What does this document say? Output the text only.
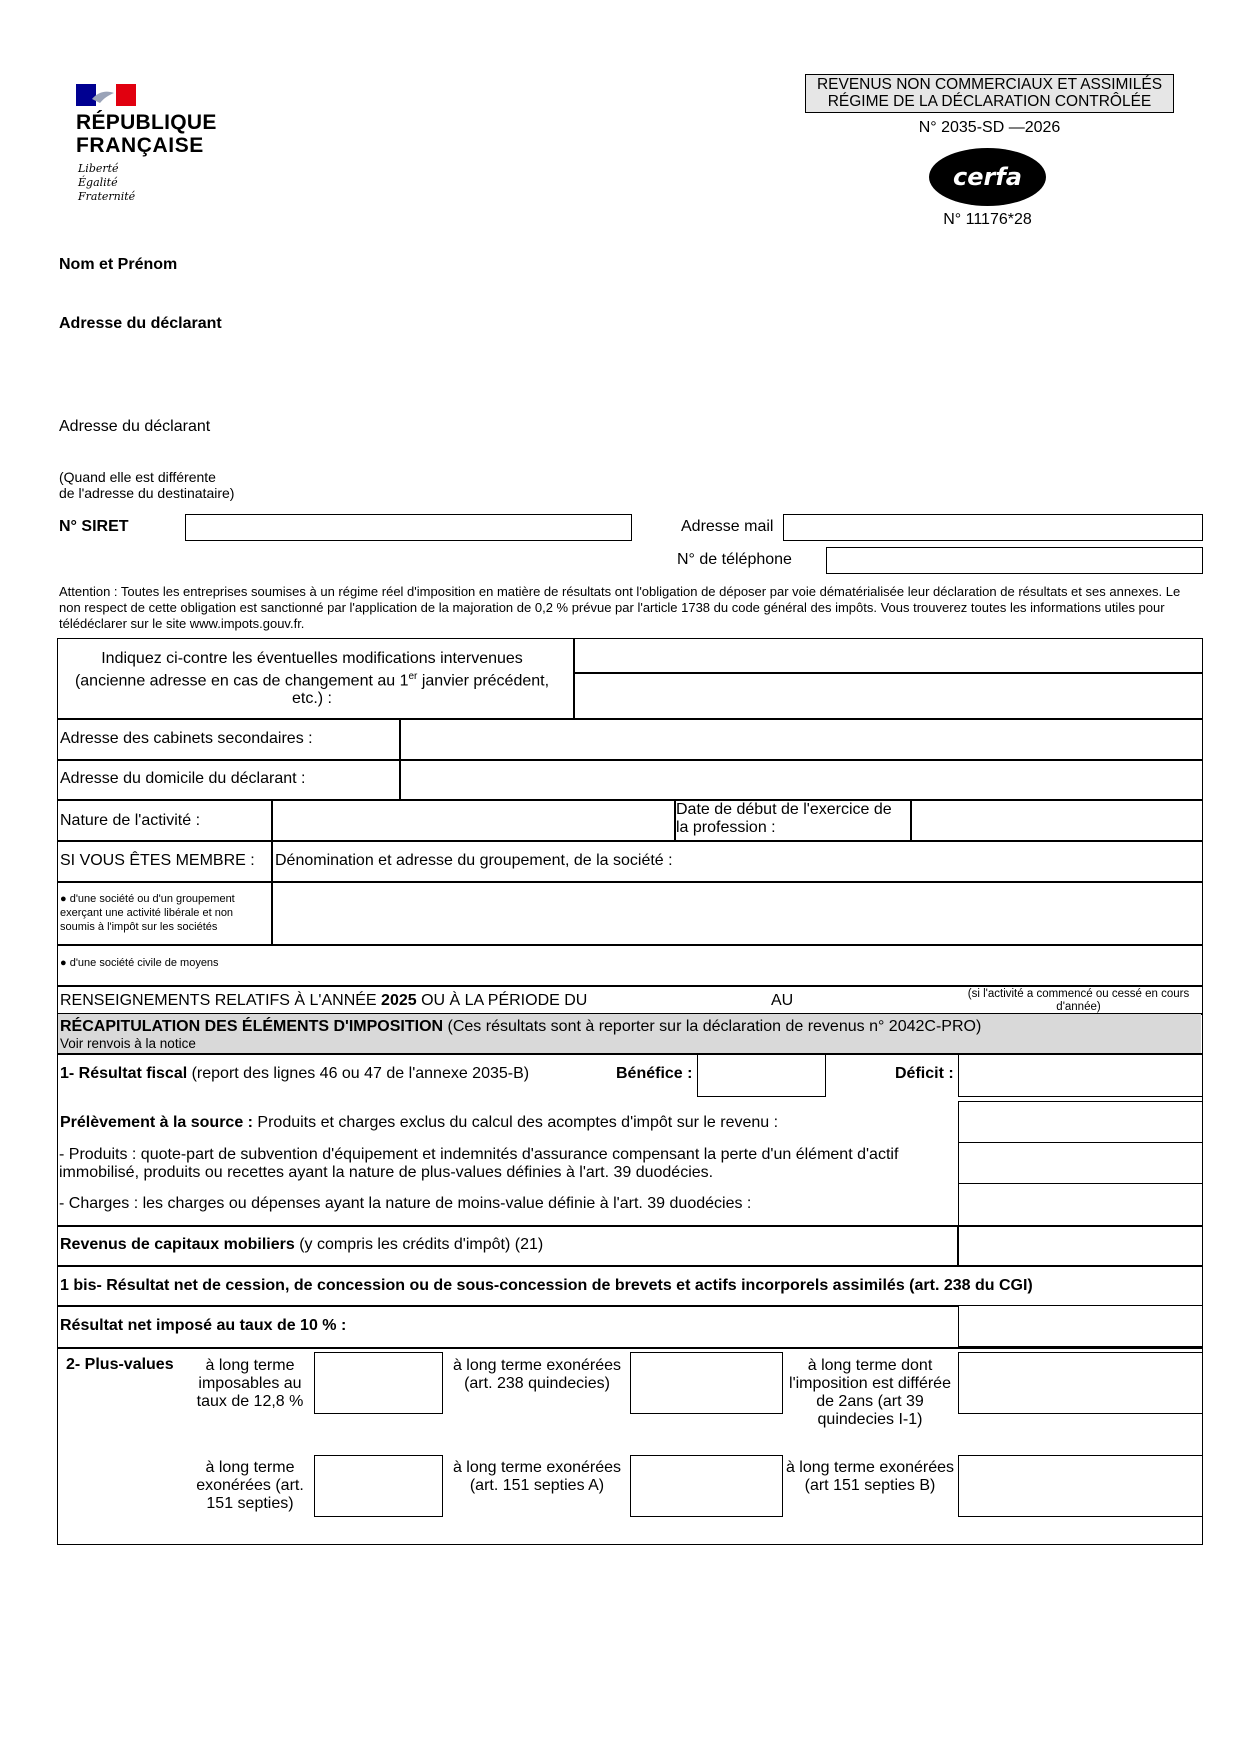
RÉPUBLIQUE
FRANÇAISE
Liberté
Égalité
Fraternité
REVENUS NON COMMERCIAUX ET ASSIMILÉS
RÉGIME DE LA DÉCLARATION CONTRÔLÉE
N° 2035-SD —2026
cerfa
N° 11176*28
Nom et Prénom
Adresse du déclarant
Adresse du déclarant
(Quand elle est différente
de l'adresse du destinataire)
N° SIRET	Adresse mail
N° de téléphone
Attention : Toutes les entreprises soumises à un régime réel d'imposition en matière de résultats ont l'obligation de déposer par voie dématérialisée leur déclaration de résultats et ses annexes. Le non respect de cette obligation est sanctionné par l'application de la majoration de 0,2 % prévue par l'article 1738 du code général des impôts. Vous trouverez toutes les informations utiles pour télédéclarer sur le site www.impots.gouv.fr.
Indiquez ci-contre les éventuelles modifications intervenues
(ancienne adresse en cas de changement au 1er janvier précédent,
etc.) :
Adresse des cabinets secondaires :
Adresse du domicile du déclarant :
Nature de l'activité :
Date de début de l'exercice de la profession :
SI VOUS ÊTES MEMBRE : Dénomination et adresse du groupement, de la société :
● d'une société ou d'un groupement exerçant une activité libérale et non soumis à l'impôt sur les sociétés
● d'une société civile de moyens
RENSEIGNEMENTS RELATIFS À L'ANNÉE 2025 OU À LA PÉRIODE DU	AU	(si l'activité a commencé ou cessé en cours d'année)
RÉCAPITULATION DES ÉLÉMENTS D'IMPOSITION (Ces résultats sont à reporter sur la déclaration de revenus n° 2042C-PRO)
Voir renvois à la notice
1- Résultat fiscal (report des lignes 46 ou 47 de l'annexe 2035-B)	Bénéfice :	Déficit :
Prélèvement à la source : Produits et charges exclus du calcul des acomptes d'impôt sur le revenu :
- Produits : quote-part de subvention d'équipement et indemnités d'assurance compensant la perte d'un élément d'actif immobilisé, produits ou recettes ayant la nature de plus-values définies à l'art. 39 duodécies.
- Charges : les charges ou dépenses ayant la nature de moins-value définie à l'art. 39 duodécies :
Revenus de capitaux mobiliers (y compris les crédits d'impôt) (21)
1 bis- Résultat net de cession, de concession ou de sous-concession de brevets et actifs incorporels assimilés (art. 238 du CGI)
Résultat net imposé au taux de 10 % :
2- Plus-values	à long terme imposables au taux de 12,8 %
à long terme exonérées (art. 238 quindecies)
à long terme dont l'imposition est différée de 2ans (art 39 quindecies I-1)
à long terme exonérées (art. 151 septies)
à long terme exonérées (art. 151 septies A)
à long terme exonérées (art 151 septies B)
